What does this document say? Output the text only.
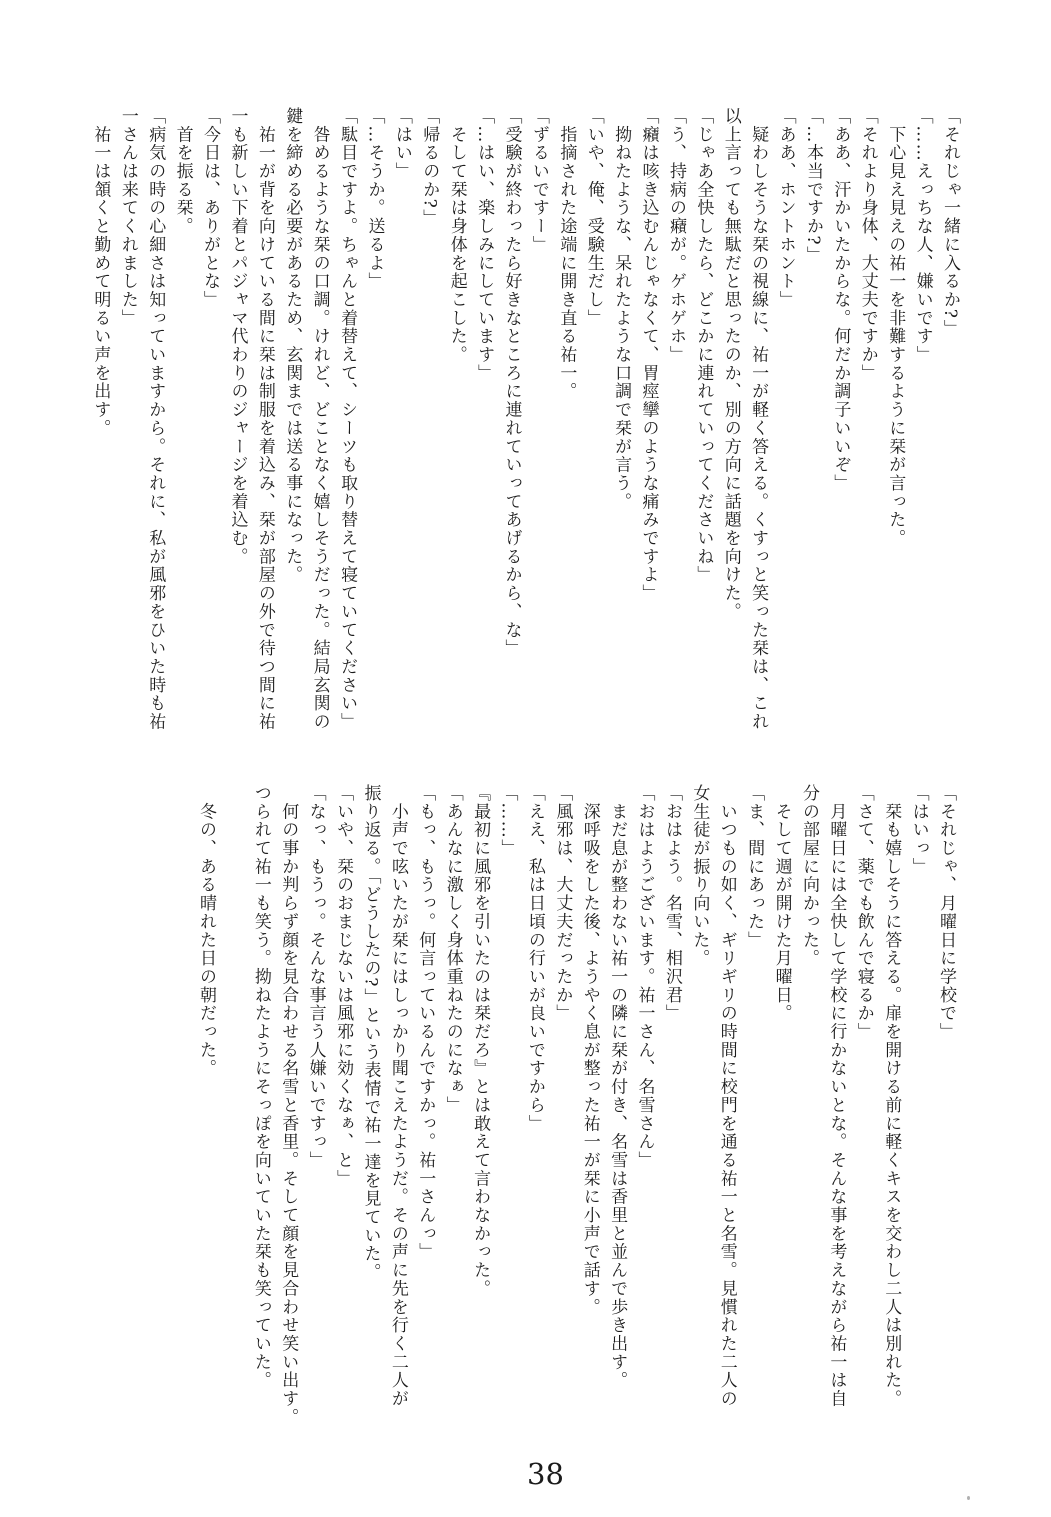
「それじゃ一緒に入るか?」

「……えっちな人、嫌いです」

　下心見え見えの祐一を非難するように栞が言った。

「それより身体、大丈夫ですか」

「ああ、汗かいたからな。何だか調子いいぞ」

「…本当ですか?」

「ああ、ホントホント」

　疑わしそうな栞の視線に、祐一が軽く答える。くすっと笑った栞は、これ

以上言っても無駄だと思ったのか、別の方向に話題を向けた。

「じゃあ全快したら、どこかに連れていってくださいね」

「う、持病の癪が。ゲホゲホ」

「癪は咳き込むんじゃなくて、胃痙攣のような痛みですよ」

　拗ねたような、呆れたような口調で栞が言う。

「いや、俺、受験生だし」

　指摘された途端に開き直る祐一。

「ずるいですー」

「受験が終わったら好きなところに連れていってあげるから、な」

「…はい、楽しみにしています」

　そして栞は身体を起こした。

「帰るのか?」

「はい」

「…そうか。送るよ」

「駄目ですよ。ちゃんと着替えて、シーツも取り替えて寝ていてください」

　咎めるような栞の口調。けれど、どことなく嬉しそうだった。結局玄関の

鍵を締める必要があるため、玄関までは送る事になった。

　祐一が背を向けている間に栞は制服を着込み、栞が部屋の外で待つ間に祐

一も新しい下着とパジャマ代わりのジャージを着込む。

「今日は、ありがとな」

　首を振る栞。

「病気の時の心細さは知っていますから。それに、私が風邪をひいた時も祐

一さんは来てくれました」

　祐一は頷くと勤めて明るい声を出す。

「それじゃ、月曜日に学校で」

「はいっ」

　栞も嬉しそうに答える。扉を開ける前に軽くキスを交わし二人は別れた。

「さて、薬でも飲んで寝るか」

　月曜日には全快して学校に行かないとな。そんな事を考えながら祐一は自

分の部屋に向かった。

　そして週が開けた月曜日。

「ま、間にあった」

　いつもの如く、ギリギリの時間に校門を通る祐一と名雪。見慣れた二人の

女生徒が振り向いた。

「おはよう。名雪、相沢君」

「おはようございます。祐一さん、名雪さん」

　まだ息が整わない祐一の隣に栞が付き、名雪は香里と並んで歩き出す。

　深呼吸をした後、ようやく息が整った祐一が栞に小声で話す。

「風邪は、大丈夫だったか」

「ええ、私は日頃の行いが良いですから」

「……」

『最初に風邪を引いたのは栞だろ』とは敢えて言わなかった。

「あんなに激しく身体重ねたのになぁ」

「もっ、もうっ。何言っているんですかっ。祐一さんっ」

　小声で呟いたが栞にはしっかり聞こえたようだ。その声に先を行く二人が

振り返る。「どうしたの?」という表情で祐一達を見ていた。

「いや、栞のおまじないは風邪に効くなぁ、と」

「なっ、もうっ。そんな事言う人嫌いですっ」

　何の事か判らず顔を見合わせる名雪と香里。そして顔を見合わせ笑い出す。

つられて祐一も笑う。拗ねたようにそっぽを向いていた栞も笑っていた。

　冬の、ある晴れた日の朝だった。

38
